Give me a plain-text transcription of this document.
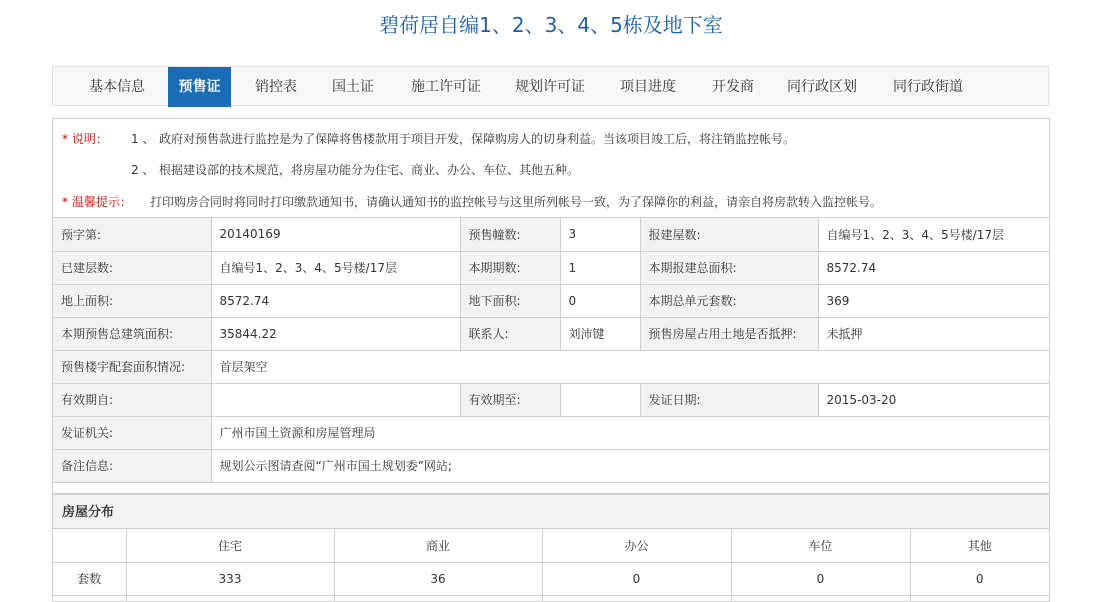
碧荷居自编1、2、3、4、5栋及地下室
基本信息	预售证	销控表	国土证	施工许可证	规划许可证	项目进度	开发商	同行政区划	同行政街道
* 说明： 1 、 政府对预售款进行监控是为了保障将售楼款用于项目开发，保障购房人的切身利益。当该项目竣工后，将注销监控帐号。
2 、 根据建设部的技术规范，将房屋功能分为住宅、商业、办公、车位、其他五种。
* 温馨提示： 打印购房合同时将同时打印缴款通知书，请确认通知书的监控帐号与这里所列帐号一致，为了保障你的利益，请亲自将房款转入监控帐号。
预字第:	20140169	预售幢数:	3	报建屋数:	自编号1、2、3、4、5号楼/17层
已建层数:	自编号1、2、3、4、5号楼/17层	本期期数:	1	本期报建总面积:	8572.74
地上面积:	8572.74	地下面积:	0	本期总单元套数:	369
本期预售总建筑面积:	35844.22	联系人:	刘沛键	预售房屋占用土地是否抵押:	未抵押
预售楼宇配套面积情况:	首层架空				
有效期自:		有效期至:		发证日期:	2015-03-20
发证机关:	广州市国土资源和房屋管理局				
备注信息:	规划公示图请查阅“广州市国土规划委”网站;				
房屋分布
	住宅	商业	办公	车位	其他
套数	333	36	0	0	0
